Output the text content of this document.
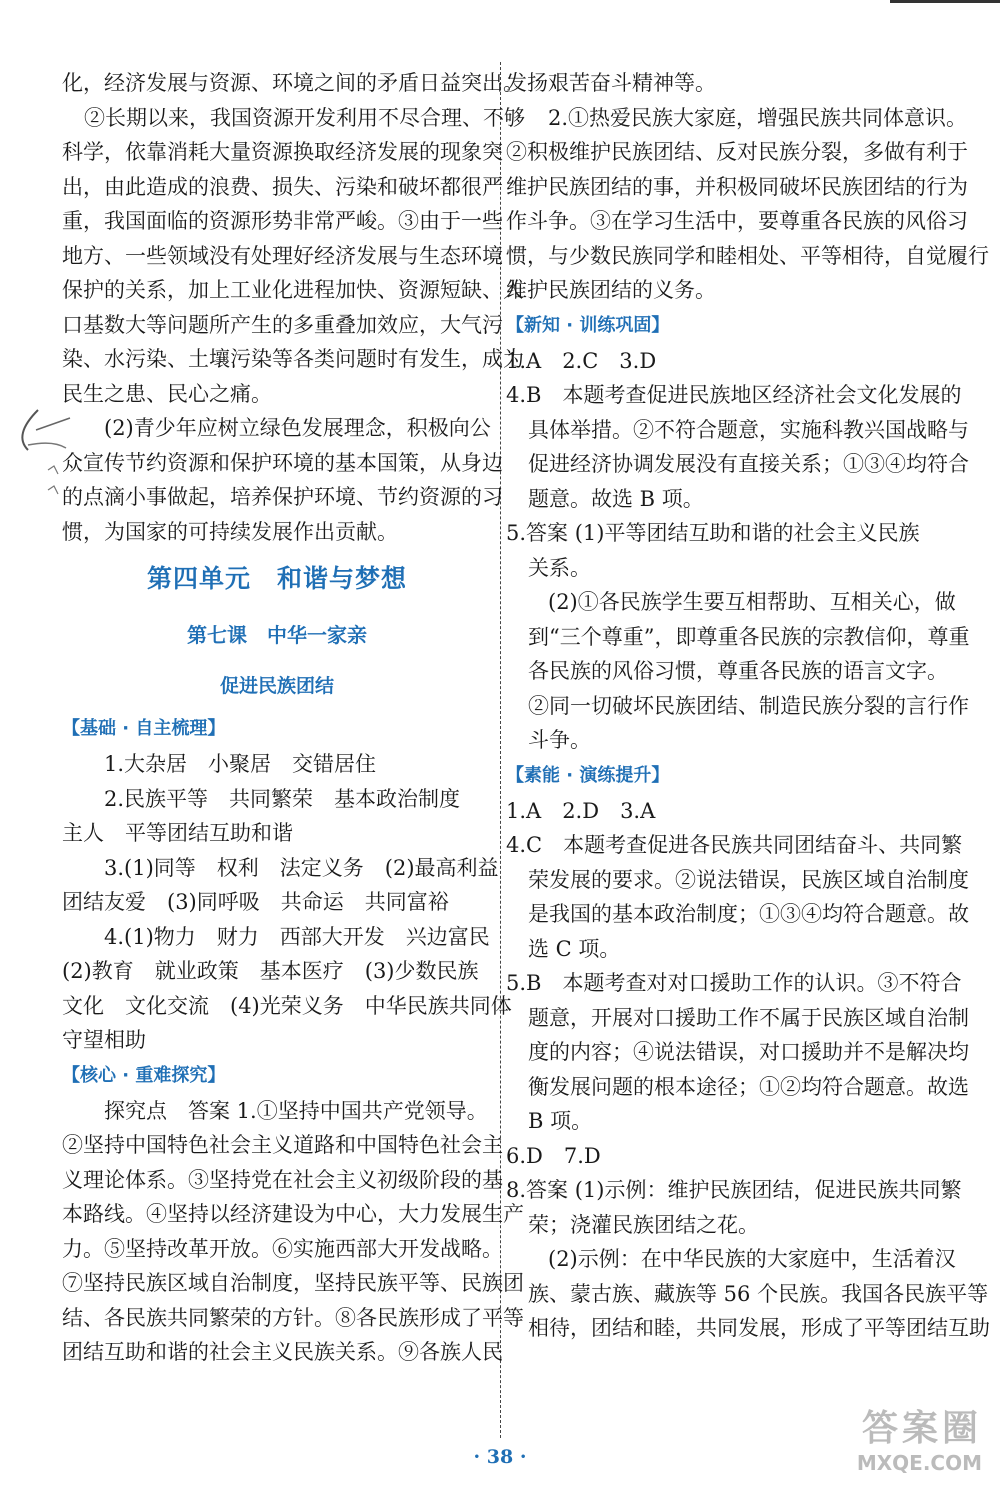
化，经济发展与资源、环境之间的矛盾日益突出。
②长期以来，我国资源开发利用不尽合理、不够
科学，依靠消耗大量资源换取经济发展的现象突
出，由此造成的浪费、损失、污染和破坏都很严
重，我国面临的资源形势非常严峻。③由于一些
地方、一些领域没有处理好经济发展与生态环境
保护的关系，加上工业化进程加快、资源短缺、人
口基数大等问题所产生的多重叠加效应，大气污
染、水污染、土壤污染等各类问题时有发生，成为
民生之患、民心之痛。
(2)青少年应树立绿色发展理念，积极向公
众宣传节约资源和保护环境的基本国策，从身边
的点滴小事做起，培养保护环境、节约资源的习
惯，为国家的可持续发展作出贡献。
第四单元　和谐与梦想
第七课　中华一家亲
促进民族团结
【基础 · 自主梳理】
1.大杂居　小聚居　交错居住
2.民族平等　共同繁荣　基本政治制度
主人　平等团结互助和谐
3.(1)同等　权利　法定义务　(2)最高利益
团结友爱　(3)同呼吸　共命运　共同富裕
4.(1)物力　财力　西部大开发　兴边富民
(2)教育　就业政策　基本医疗　(3)少数民族
文化　文化交流　(4)光荣义务　中华民族共同体
守望相助
【核心 · 重难探究】
探究点　答案 1.①坚持中国共产党领导。
②坚持中国特色社会主义道路和中国特色社会主
义理论体系。③坚持党在社会主义初级阶段的基
本路线。④坚持以经济建设为中心，大力发展生产
力。⑤坚持改革开放。⑥实施西部大开发战略。
⑦坚持民族区域自治制度，坚持民族平等、民族团
结、各民族共同繁荣的方针。⑧各民族形成了平等
团结互助和谐的社会主义民族关系。⑨各族人民
发扬艰苦奋斗精神等。
2.①热爱民族大家庭，增强民族共同体意识。
②积极维护民族团结、反对民族分裂，多做有利于
维护民族团结的事，并积极同破坏民族团结的行为
作斗争。③在学习生活中，要尊重各民族的风俗习
惯，与少数民族同学和睦相处、平等相待，自觉履行
维护民族团结的义务。
【新知 · 训练巩固】
1.A　2.C　3.D
4.B　本题考查促进民族地区经济社会文化发展的
具体举措。②不符合题意，实施科教兴国战略与
促进经济协调发展没有直接关系；①③④均符合
题意。故选 B 项。
5.答案 (1)平等团结互助和谐的社会主义民族
关系。
(2)①各民族学生要互相帮助、互相关心，做
到“三个尊重”，即尊重各民族的宗教信仰，尊重
各民族的风俗习惯，尊重各民族的语言文字。
②同一切破坏民族团结、制造民族分裂的言行作
斗争。
【素能 · 演练提升】
1.A　2.D　3.A
4.C　本题考查促进各民族共同团结奋斗、共同繁
荣发展的要求。②说法错误，民族区域自治制度
是我国的基本政治制度；①③④均符合题意。故
选 C 项。
5.B　本题考查对对口援助工作的认识。③不符合
题意，开展对口援助工作不属于民族区域自治制
度的内容；④说法错误，对口援助并不是解决均
衡发展问题的根本途径；①②均符合题意。故选
B 项。
6.D　7.D
8.答案 (1)示例：维护民族团结，促进民族共同繁
荣；浇灌民族团结之花。
(2)示例：在中华民族的大家庭中，生活着汉
族、蒙古族、藏族等 56 个民族。我国各民族平等
相待，团结和睦，共同发展，形成了平等团结互助
· 38 ·
答案圈
MXQE.COM
